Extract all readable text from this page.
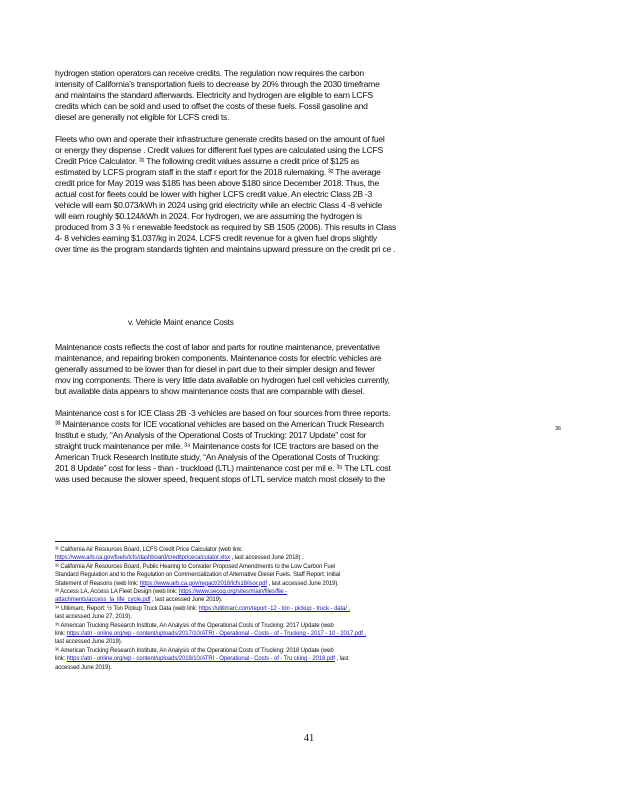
hydrogen station operators can receive credits. The regulation now requires the carbon
intensity of California’s transportation fuels to decrease by 20% through the 2030 timeframe
and maintains the standard afterwards. Electricity and hydrogen are eligible to earn LCFS
credits which can be sold and used to offset the costs of these fuels. Fossil gasoline and
diesel are generally not eligible for LCFS credi ts.
Fleets who own and operate their infrastructure generate credits based on the amount of fuel
or energy they dispense . Credit values for different fuel types are calculated using the LCFS
Credit Price Calculator. ³¹ The following credit values assume a credit price of $125 as
estimated by LCFS program staff in the staff r eport for the 2018 rulemaking. ³² The average
credit price for May 2019 was $185 has been above $180 since December 2018. Thus, the
actual cost for fleets could be lower with higher LCFS credit value. An electric Class 2B -3
vehicle will earn $0.073/kWh in 2024 using grid electricity while an electric Class 4 -8 vehicle
will earn roughly $0.124/kWh in 2024. For hydrogen, we are assuming the hydrogen is
produced from 3 3 % r enewable feedstock as required by SB 1505 (2006). This results in Class
4- 8 vehicles earning $1.037/kg in 2024. LCFS credit revenue for a given fuel drops slightly
over time as the program standards tighten and maintains upward pressure on the credit pri ce .
v. Vehicle Maint enance Costs
Maintenance costs reflects the cost of labor and parts for routine maintenance, preventative
maintenance, and repairing broken components. Maintenance costs for electric vehicles are
generally assumed to be lower than for diesel in part due to their simpler design and fewer
mov ing components. There is very little data available on hydrogen fuel cell vehicles currently,
but available data appears to show maintenance costs that are comparable with diesel.
Maintenance cost s for ICE Class 2B -3 vehicles are based on four sources from three reports.
³³ Maintenance costs for ICE vocational vehicles are based on the American Truck Research
Institut e study, “An Analysis of the Operational Costs of Trucking: 2017 Update” cost for
straight truck maintenance per mile. ³⁴ Maintenance costs for ICE tractors are based on the
American Truck Research Institute study, “An Analysis of the Operational Costs of Trucking:
201 8 Update” cost for less - than - truckload (LTL) maintenance cost per mil e. ³⁵ The LTL cost
was used because the slower speed, frequent stops of LTL service match most closely to the
36
³¹ California Air Resources Board, LCFS Credit Price Calculator (web link:
https://www.arb.ca.gov/fuels/lcfs/dashboard/creditpricecalculator.xlsx , last accessed June 2018) .
³² California Air Resources Board, Public Hearing to Consider Proposed Amendments to the Low Carbon Fuel
Standard Regulation and to the Regulation on Commercialization of Alternative Diesel Fuels. Staff Report: Initial
Statement of Reasons (web link: https://www.arb.ca.gov/regact/2018/lcfs18/isor.pdf , last accessed June 2019).
³³ Access LA, Access LA Fleet Design (web link: https://www.secog.org/sites/main/files/file -
attachments/access_la_life_cycle.pdf , last accessed June 2019).
³⁴ Utilimarc, Report: ½ Ton Pickup Truck Data (web link: https://utilimarc.com/report -12 - ton - pickup - truck - data/ ,
last accessed June 27, 2019).
³⁵ American Trucking Research Institute, An Analysis of the Operational Costs of Trucking: 2017 Update (web
link: https://atri - online.org/wp - content/uploads/2017/10/ATRI - Operational - Costs - of - Trucking - 2017 - 10 - 2017.pdf ,
last accessed June 2019).
³⁶ American Trucking Research Institute, An Analysis of the Operational Costs of Trucking: 2018 Update (web
link: https://atri - online.org/wp - content/uploads/2018/10/ATRI - Operational - Costs - of - Tru cking - 2018.pdf , last
accessed June 2019).
41
